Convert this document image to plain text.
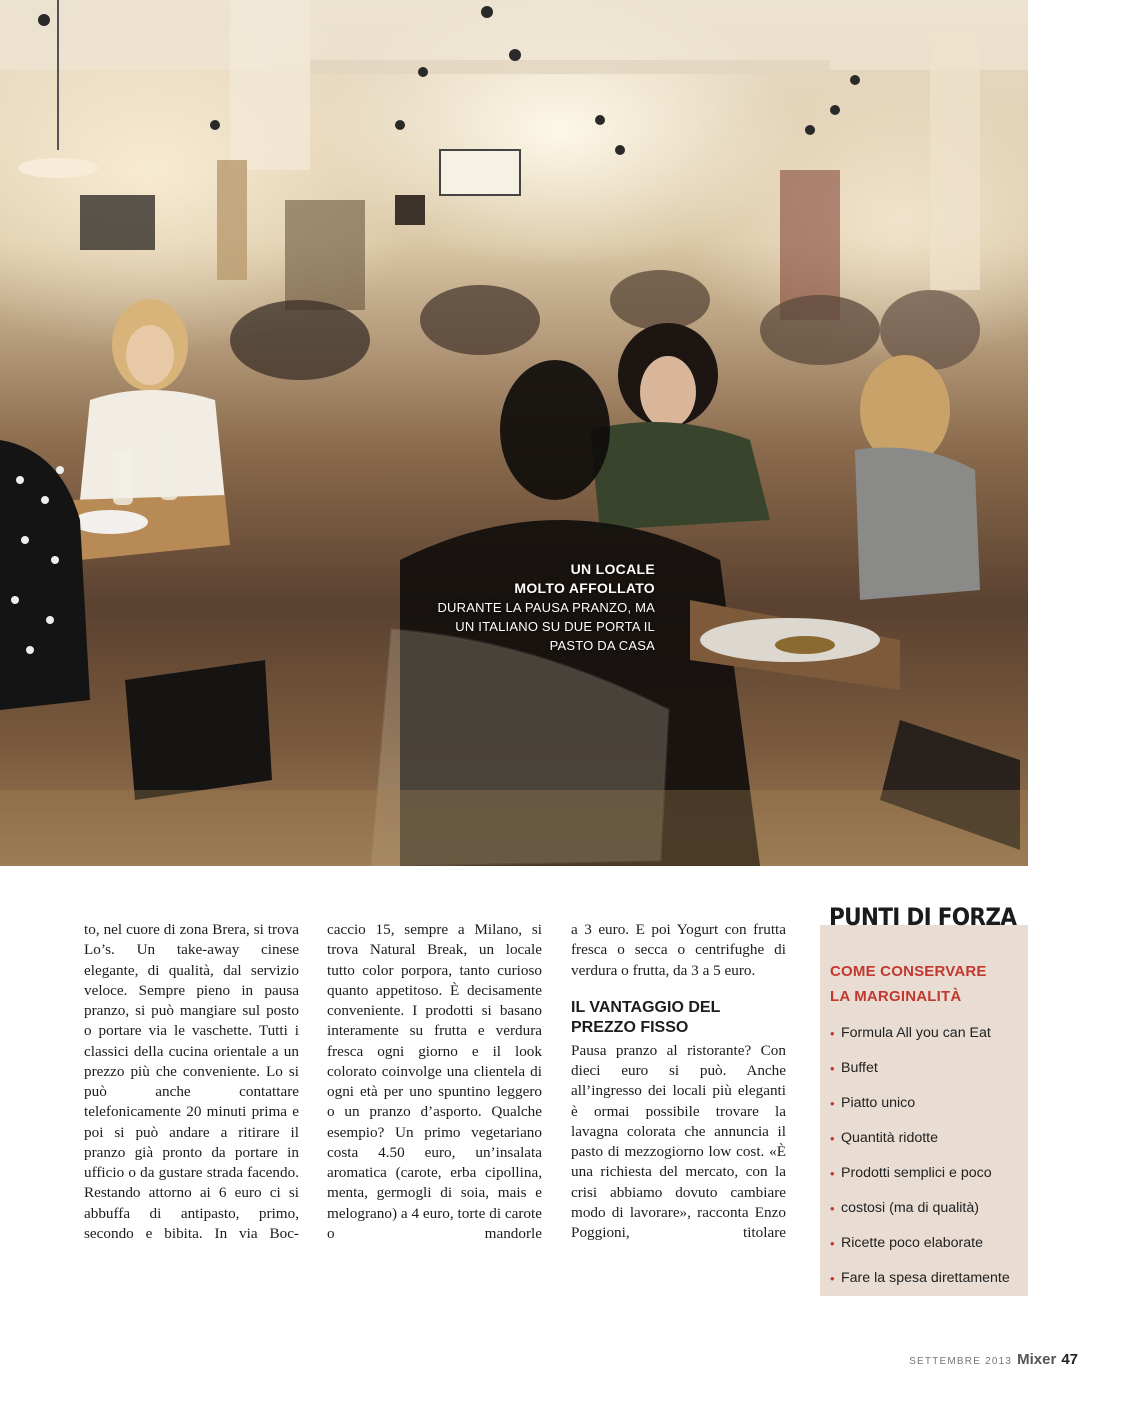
UN LOCALE
MOLTO AFFOLLATO
DURANTE LA PAUSA PRANZO, MA
UN ITALIANO SU DUE PORTA IL
PASTO DA CASA

to, nel cuore di zona Brera, si trova Lo’s. Un take-away cinese elegante, di qualità, dal servizio veloce. Sempre pieno in pausa pranzo, si può mangiare sul posto o portare via le vaschette. Tutti i classici della cucina orientale a un prezzo più che conveniente. Lo si può anche contattare telefonicamente 20 minuti prima e poi si può andare a ritirare il pranzo già pronto da portare in ufficio o da gustare strada facendo. Restando attorno ai 6 euro ci si abbuffa di antipasto, primo, secondo e bibita. In via Boc-

caccio 15, sempre a Milano, si trova Natural Break, un locale tutto color porpora, tanto curioso quanto appetitoso. È decisamente conveniente. I prodotti si basano interamente su frutta e verdura fresca ogni giorno e il look colorato coinvolge una clientela di ogni età per uno spuntino leggero o un pranzo d’asporto. Qualche esempio? Un primo vegetariano costa 4.50 euro, un’insalata aromatica (carote, erba cipollina, menta, germogli di soia, mais e melograno) a 4 euro, torte di carote o mandorle

a 3 euro. E poi Yogurt con frutta fresca o secca o centrifughe di verdura o frutta, da 3 a 5 euro.

IL VANTAGGIO DEL
PREZZO FISSO

Pausa pranzo al ristorante? Con dieci euro si può. Anche all’ingresso dei locali più eleganti è ormai possibile trovare la lavagna colorata che annuncia il pasto di mezzogiorno low cost. «È una richiesta del mercato, con la crisi abbiamo dovuto cambiare modo di lavorare», racconta Enzo Poggioni, titolare

COME CONSERVARE
LA MARGINALITÀ
• Formula All you can Eat
• Buffet
• Piatto unico
• Quantità ridotte
• Prodotti semplici e poco
• costosi (ma di qualità)
• Ricette poco elaborate
• Fare la spesa direttamente
PUNTI DI FORZA
SETTEMBRE 2013 Mixer 47
